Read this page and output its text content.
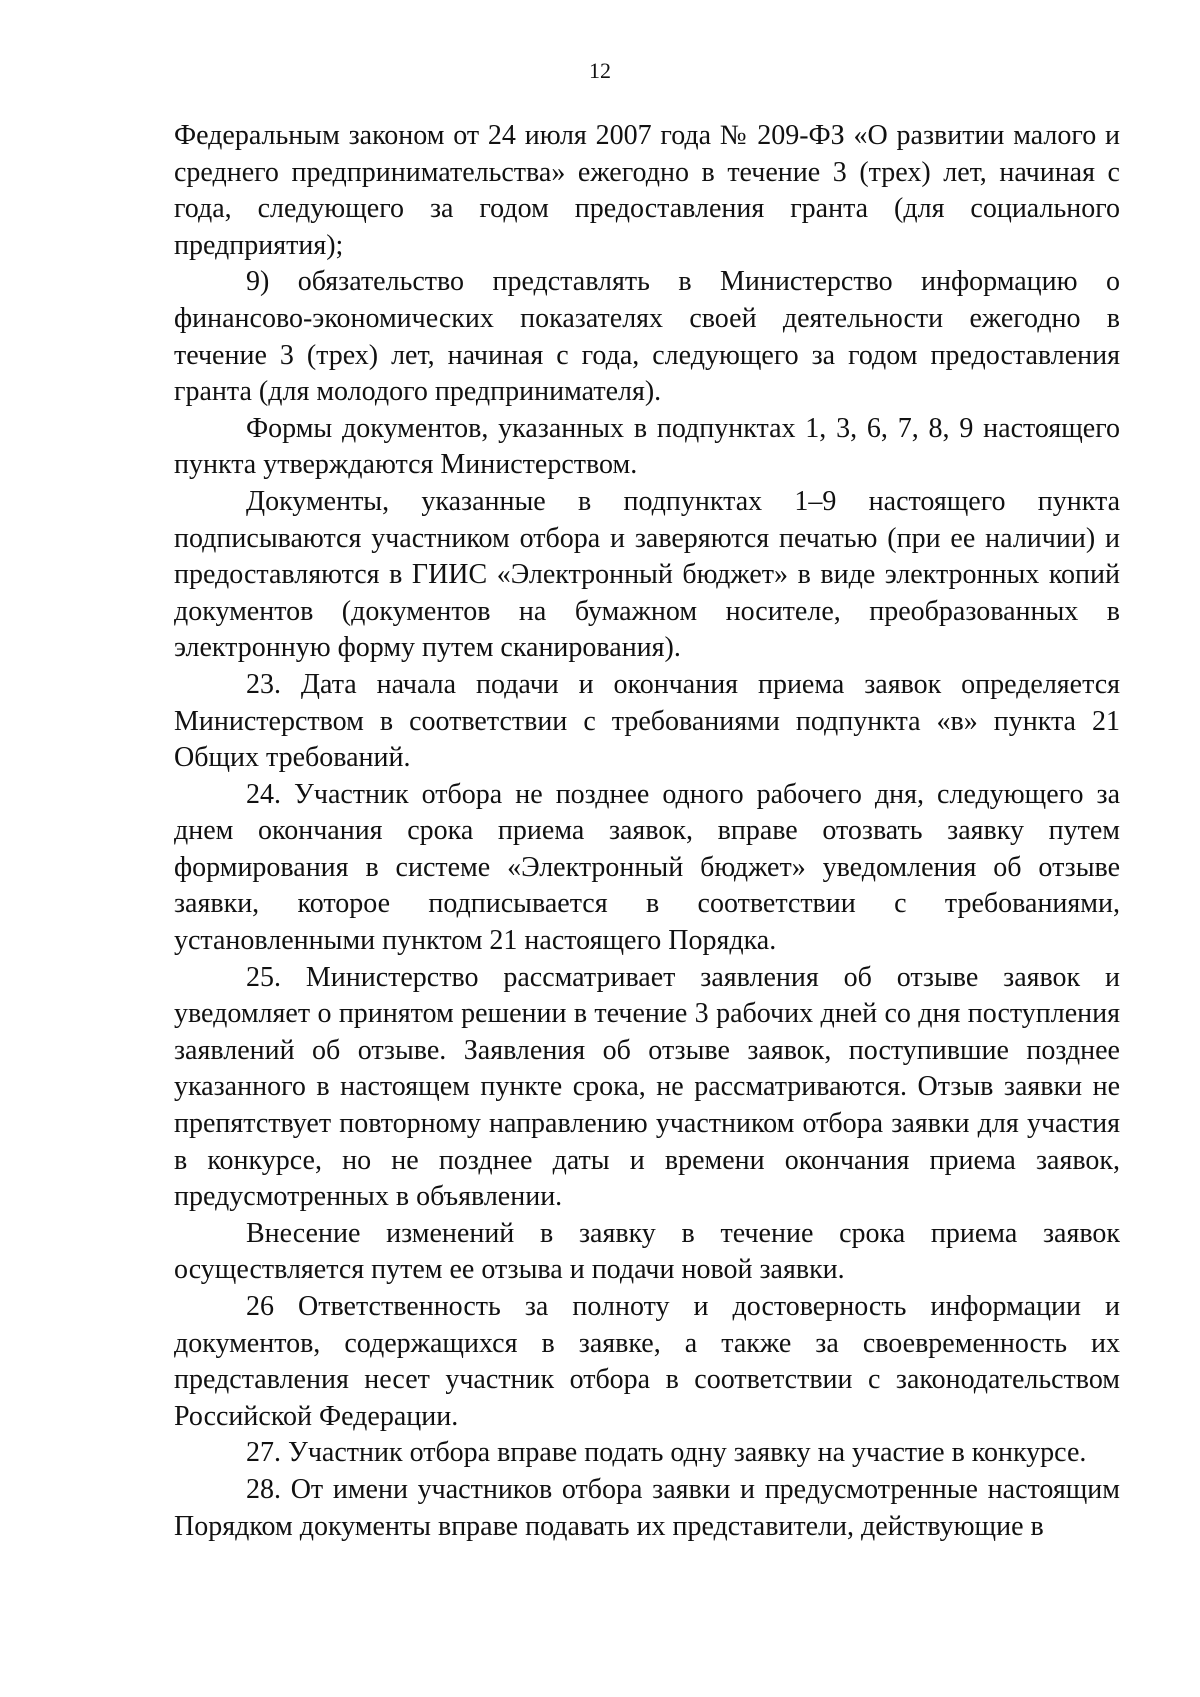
12

Федеральным законом от 24 июля 2007 года № 209-ФЗ «О развитии малого и среднего предпринимательства» ежегодно в течение 3 (трех) лет, начиная с года, следующего за годом предоставления гранта (для социального предприятия);

9) обязательство представлять в Министерство информацию о финансово-экономических показателях своей деятельности ежегодно в течение 3 (трех) лет, начиная с года, следующего за годом предоставления гранта (для молодого предпринимателя).

Формы документов, указанных в подпунктах 1, 3, 6, 7, 8, 9 настоящего пункта утверждаются Министерством.

Документы, указанные в подпунктах 1–9 настоящего пункта подписываются участником отбора и заверяются печатью (при ее наличии) и предоставляются в ГИИС «Электронный бюджет» в виде электронных копий документов (документов на бумажном носителе, преобразованных в электронную форму путем сканирования).

23. Дата начала подачи и окончания приема заявок определяется Министерством в соответствии с требованиями подпункта «в» пункта 21 Общих требований.

24. Участник отбора не позднее одного рабочего дня, следующего за днем окончания срока приема заявок, вправе отозвать заявку путем формирования в системе «Электронный бюджет» уведомления об отзыве заявки, которое подписывается в соответствии с требованиями, установленными пунктом 21 настоящего Порядка.

25. Министерство рассматривает заявления об отзыве заявок и уведомляет о принятом решении в течение 3 рабочих дней со дня поступления заявлений об отзыве. Заявления об отзыве заявок, поступившие позднее указанного в настоящем пункте срока, не рассматриваются. Отзыв заявки не препятствует повторному направлению участником отбора заявки для участия в конкурсе, но не позднее даты и времени окончания приема заявок, предусмотренных в объявлении.

Внесение изменений в заявку в течение срока приема заявок осуществляется путем ее отзыва и подачи новой заявки.

26 Ответственность за полноту и достоверность информации и документов, содержащихся в заявке, а также за своевременность их представления несет участник отбора в соответствии с законодательством Российской Федерации.

27. Участник отбора вправе подать одну заявку на участие в конкурсе.

28. От имени участников отбора заявки и предусмотренные настоящим Порядком документы вправе подавать их представители, действующие в
